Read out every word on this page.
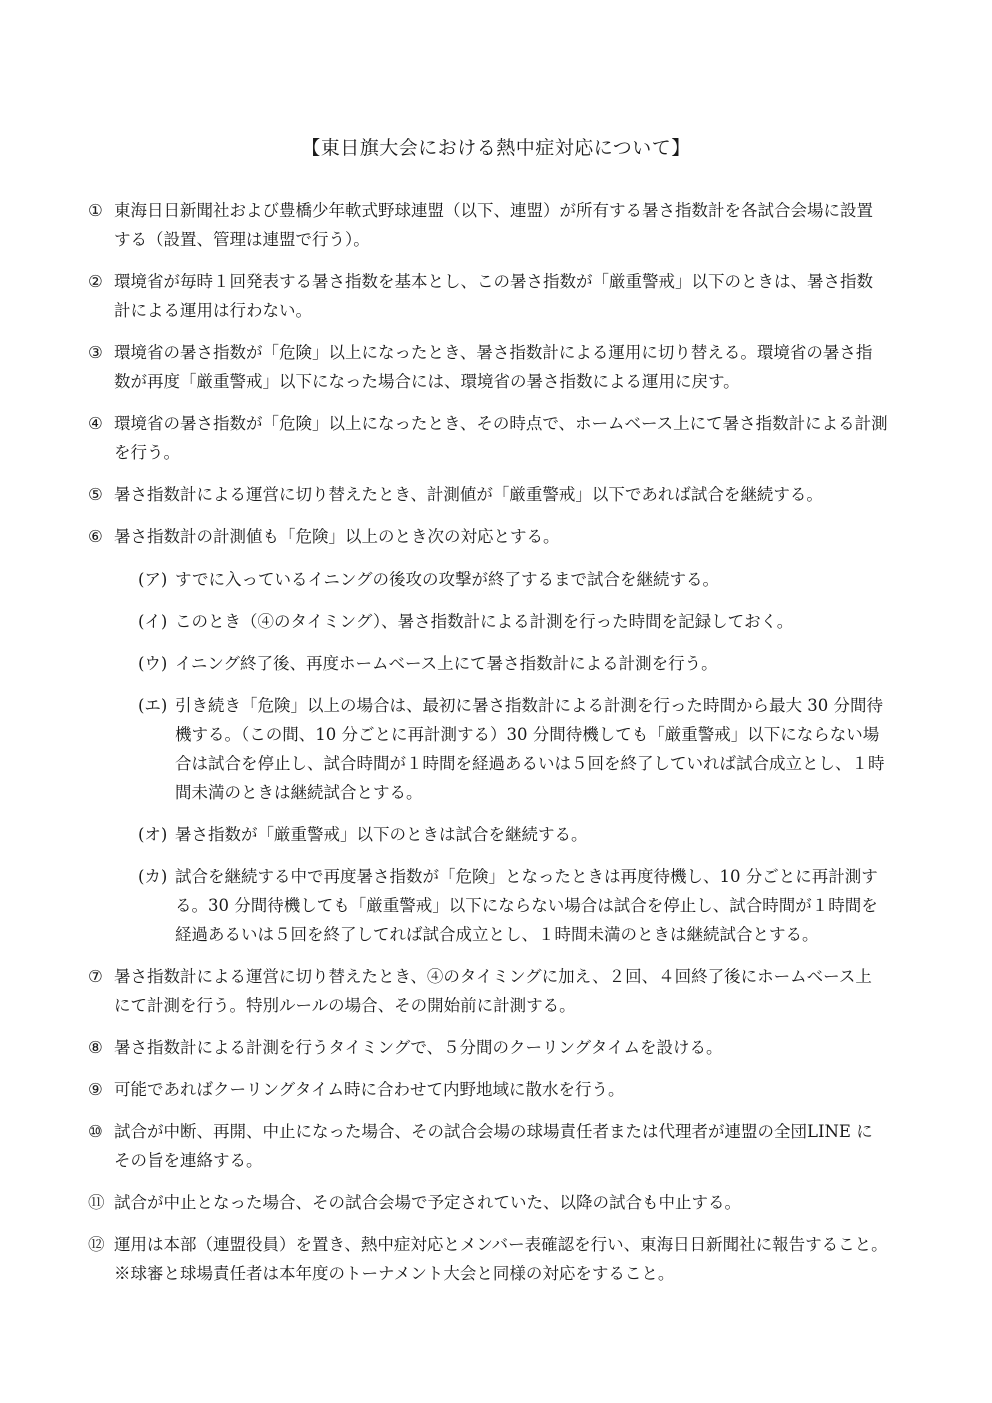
【東日旗大会における熱中症対応について】
① 東海日日新聞社および豊橋少年軟式野球連盟（以下、連盟）が所有する暑さ指数計を各試合会場に設置する（設置、管理は連盟で行う）。
② 環境省が毎時１回発表する暑さ指数を基本とし、この暑さ指数が「厳重警戒」以下のときは、暑さ指数計による運用は行わない。
③ 環境省の暑さ指数が「危険」以上になったとき、暑さ指数計による運用に切り替える。環境省の暑さ指数が再度「厳重警戒」以下になった場合には、環境省の暑さ指数による運用に戻す。
④ 環境省の暑さ指数が「危険」以上になったとき、その時点で、ホームベース上にて暑さ指数計による計測を行う。
⑤ 暑さ指数計による運営に切り替えたとき、計測値が「厳重警戒」以下であれば試合を継続する。
⑥ 暑さ指数計の計測値も「危険」以上のとき次の対応とする。
(ア) すでに入っているイニングの後攻の攻撃が終了するまで試合を継続する。
(イ) このとき（④のタイミング）、暑さ指数計による計測を行った時間を記録しておく。
(ウ) イニング終了後、再度ホームベース上にて暑さ指数計による計測を行う。
(エ) 引き続き「危険」以上の場合は、最初に暑さ指数計による計測を行った時間から最大 30 分間待機する。（この間、10 分ごとに再計測する）30 分間待機しても「厳重警戒」以下にならない場合は試合を停止し、試合時間が１時間を経過あるいは５回を終了していれば試合成立とし、１時間未満のときは継続試合とする。
(オ) 暑さ指数が「厳重警戒」以下のときは試合を継続する。
(カ) 試合を継続する中で再度暑さ指数が「危険」となったときは再度待機し、10 分ごとに再計測する。30 分間待機しても「厳重警戒」以下にならない場合は試合を停止し、試合時間が１時間を経過あるいは５回を終了してれば試合成立とし、１時間未満のときは継続試合とする。
⑦ 暑さ指数計による運営に切り替えたとき、④のタイミングに加え、２回、４回終了後にホームベース上にて計測を行う。特別ルールの場合、その開始前に計測する。
⑧ 暑さ指数計による計測を行うタイミングで、５分間のクーリングタイムを設ける。
⑨ 可能であればクーリングタイム時に合わせて内野地域に散水を行う。
⑩ 試合が中断、再開、中止になった場合、その試合会場の球場責任者または代理者が連盟の全団LINE にその旨を連絡する。
⑪ 試合が中止となった場合、その試合会場で予定されていた、以降の試合も中止する。
⑫ 運用は本部（連盟役員）を置き、熱中症対応とメンバー表確認を行い、東海日日新聞社に報告すること。※球審と球場責任者は本年度のトーナメント大会と同様の対応をすること。
